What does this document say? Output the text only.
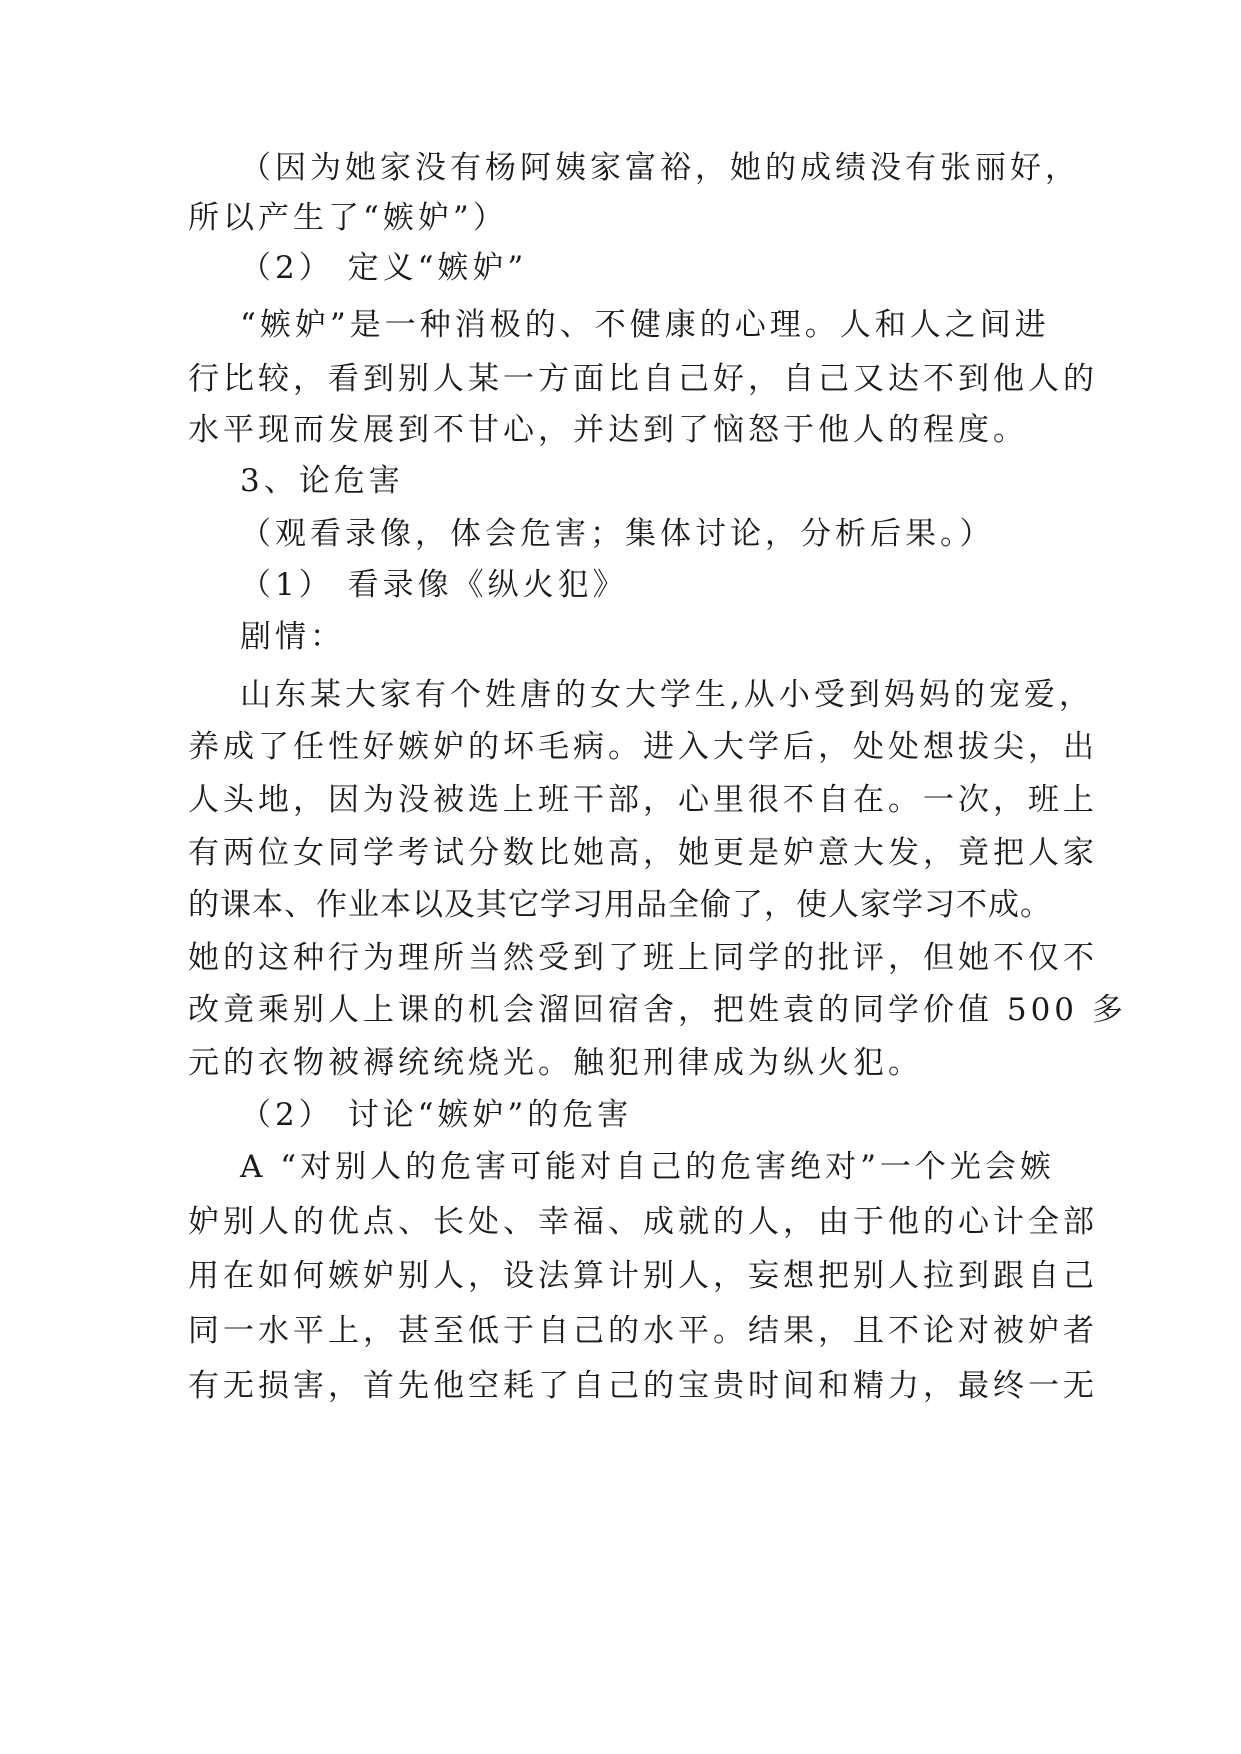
（因为她家没有杨阿姨家富裕，她的成绩没有张丽好，
所以产生了“嫉妒”）
（2） 定义“嫉妒”
“嫉妒”是一种消极的、不健康的心理。人和人之间进
行比较，看到别人某一方面比自己好，自己又达不到他人的
水平现而发展到不甘心，并达到了恼怒于他人的程度。
3、论危害
（观看录像，体会危害；集体讨论，分析后果。）
（1） 看录像《纵火犯》
剧情：
山东某大家有个姓唐的女大学生,从小受到妈妈的宠爱，
养成了任性好嫉妒的坏毛病。进入大学后，处处想拔尖，出
人头地，因为没被选上班干部，心里很不自在。一次，班上
有两位女同学考试分数比她高，她更是妒意大发，竟把人家
的课本、作业本以及其它学习用品全偷了，使人家学习不成。
她的这种行为理所当然受到了班上同学的批评，但她不仅不
改竟乘别人上课的机会溜回宿舍，把姓袁的同学价值 500 多
元的衣物被褥统统烧光。触犯刑律成为纵火犯。
（2） 讨论“嫉妒”的危害
A “对别人的危害可能对自己的危害绝对”一个光会嫉
妒别人的优点、长处、幸福、成就的人，由于他的心计全部
用在如何嫉妒别人，设法算计别人，妄想把别人拉到跟自己
同一水平上，甚至低于自己的水平。结果，且不论对被妒者
有无损害，首先他空耗了自己的宝贵时间和精力，最终一无
